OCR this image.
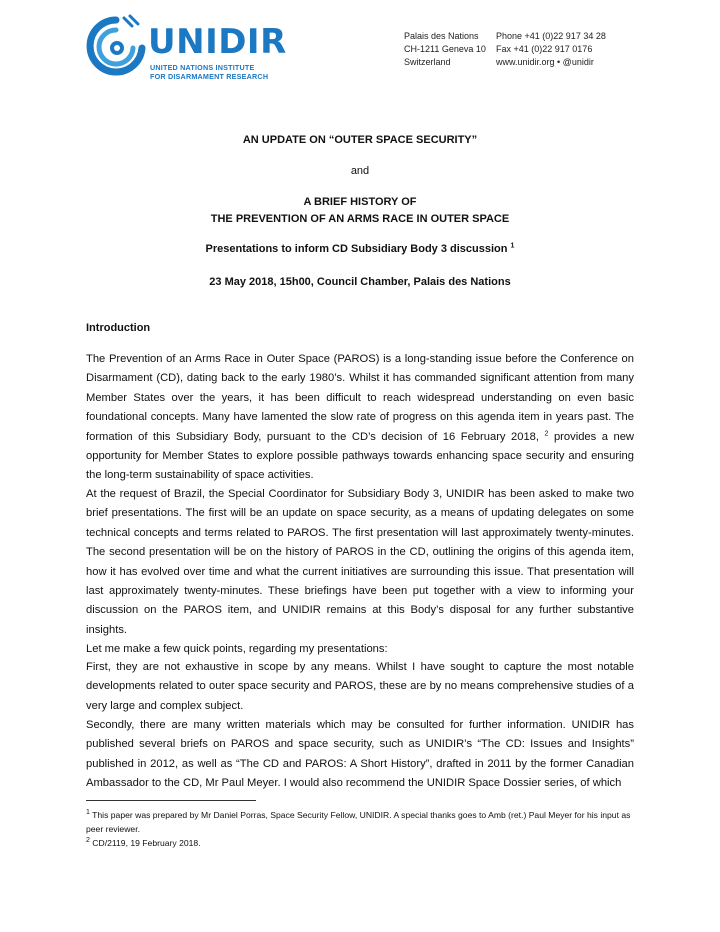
UNIDIR
UNITED NATIONS INSTITUTE
FOR DISARMAMENT RESEARCH
Palais des Nations
CH-1211 Geneva 10
Switzerland
Phone +41 (0)22 917 34 28
Fax +41 (0)22 917 0176
www.unidir.org • @unidir
AN UPDATE ON “OUTER SPACE SECURITY”
and
A BRIEF HISTORY OF
THE PREVENTION OF AN ARMS RACE IN OUTER SPACE
Presentations to inform CD Subsidiary Body 3 discussion $^1$
23 May 2018, 15h00, Council Chamber, Palais des Nations
Introduction
The Prevention of an Arms Race in Outer Space (PAROS) is a long-standing issue before the Conference on Disarmament (CD), dating back to the early 1980’s. Whilst it has commanded significant attention from many Member States over the years, it has been difficult to reach widespread understanding on even basic foundational concepts. Many have lamented the slow rate of progress on this agenda item in years past. The formation of this Subsidiary Body, pursuant to the CD’s decision of 16 February 2018, $^2$ provides a new opportunity for Member States to explore possible pathways towards enhancing space security and ensuring the long-term sustainability of space activities.
At the request of Brazil, the Special Coordinator for Subsidiary Body 3, UNIDIR has been asked to make two brief presentations. The first will be an update on space security, as a means of updating delegates on some technical concepts and terms related to PAROS. The first presentation will last approximately twenty-minutes. The second presentation will be on the history of PAROS in the CD, outlining the origins of this agenda item, how it has evolved over time and what the current initiatives are surrounding this issue. That presentation will last approximately twenty-minutes. These briefings have been put together with a view to informing your discussion on the PAROS item, and UNIDIR remains at this Body’s disposal for any further substantive insights.
Let me make a few quick points, regarding my presentations:
First, they are not exhaustive in scope by any means. Whilst I have sought to capture the most notable developments related to outer space security and PAROS, these are by no means comprehensive studies of a very large and complex subject.
Secondly, there are many written materials which may be consulted for further information. UNIDIR has published several briefs on PAROS and space security, such as UNIDIR’s “The CD: Issues and Insights” published in 2012, as well as “The CD and PAROS: A Short History”, drafted in 2011 by the former Canadian Ambassador to the CD, Mr Paul Meyer. I would also recommend the UNIDIR Space Dossier series, of which
$^1$ This paper was prepared by Mr Daniel Porras, Space Security Fellow, UNIDIR. A special thanks goes to Amb (ret.) Paul Meyer for his input as peer reviewer.
$^2$ CD/2119, 19 February 2018.
